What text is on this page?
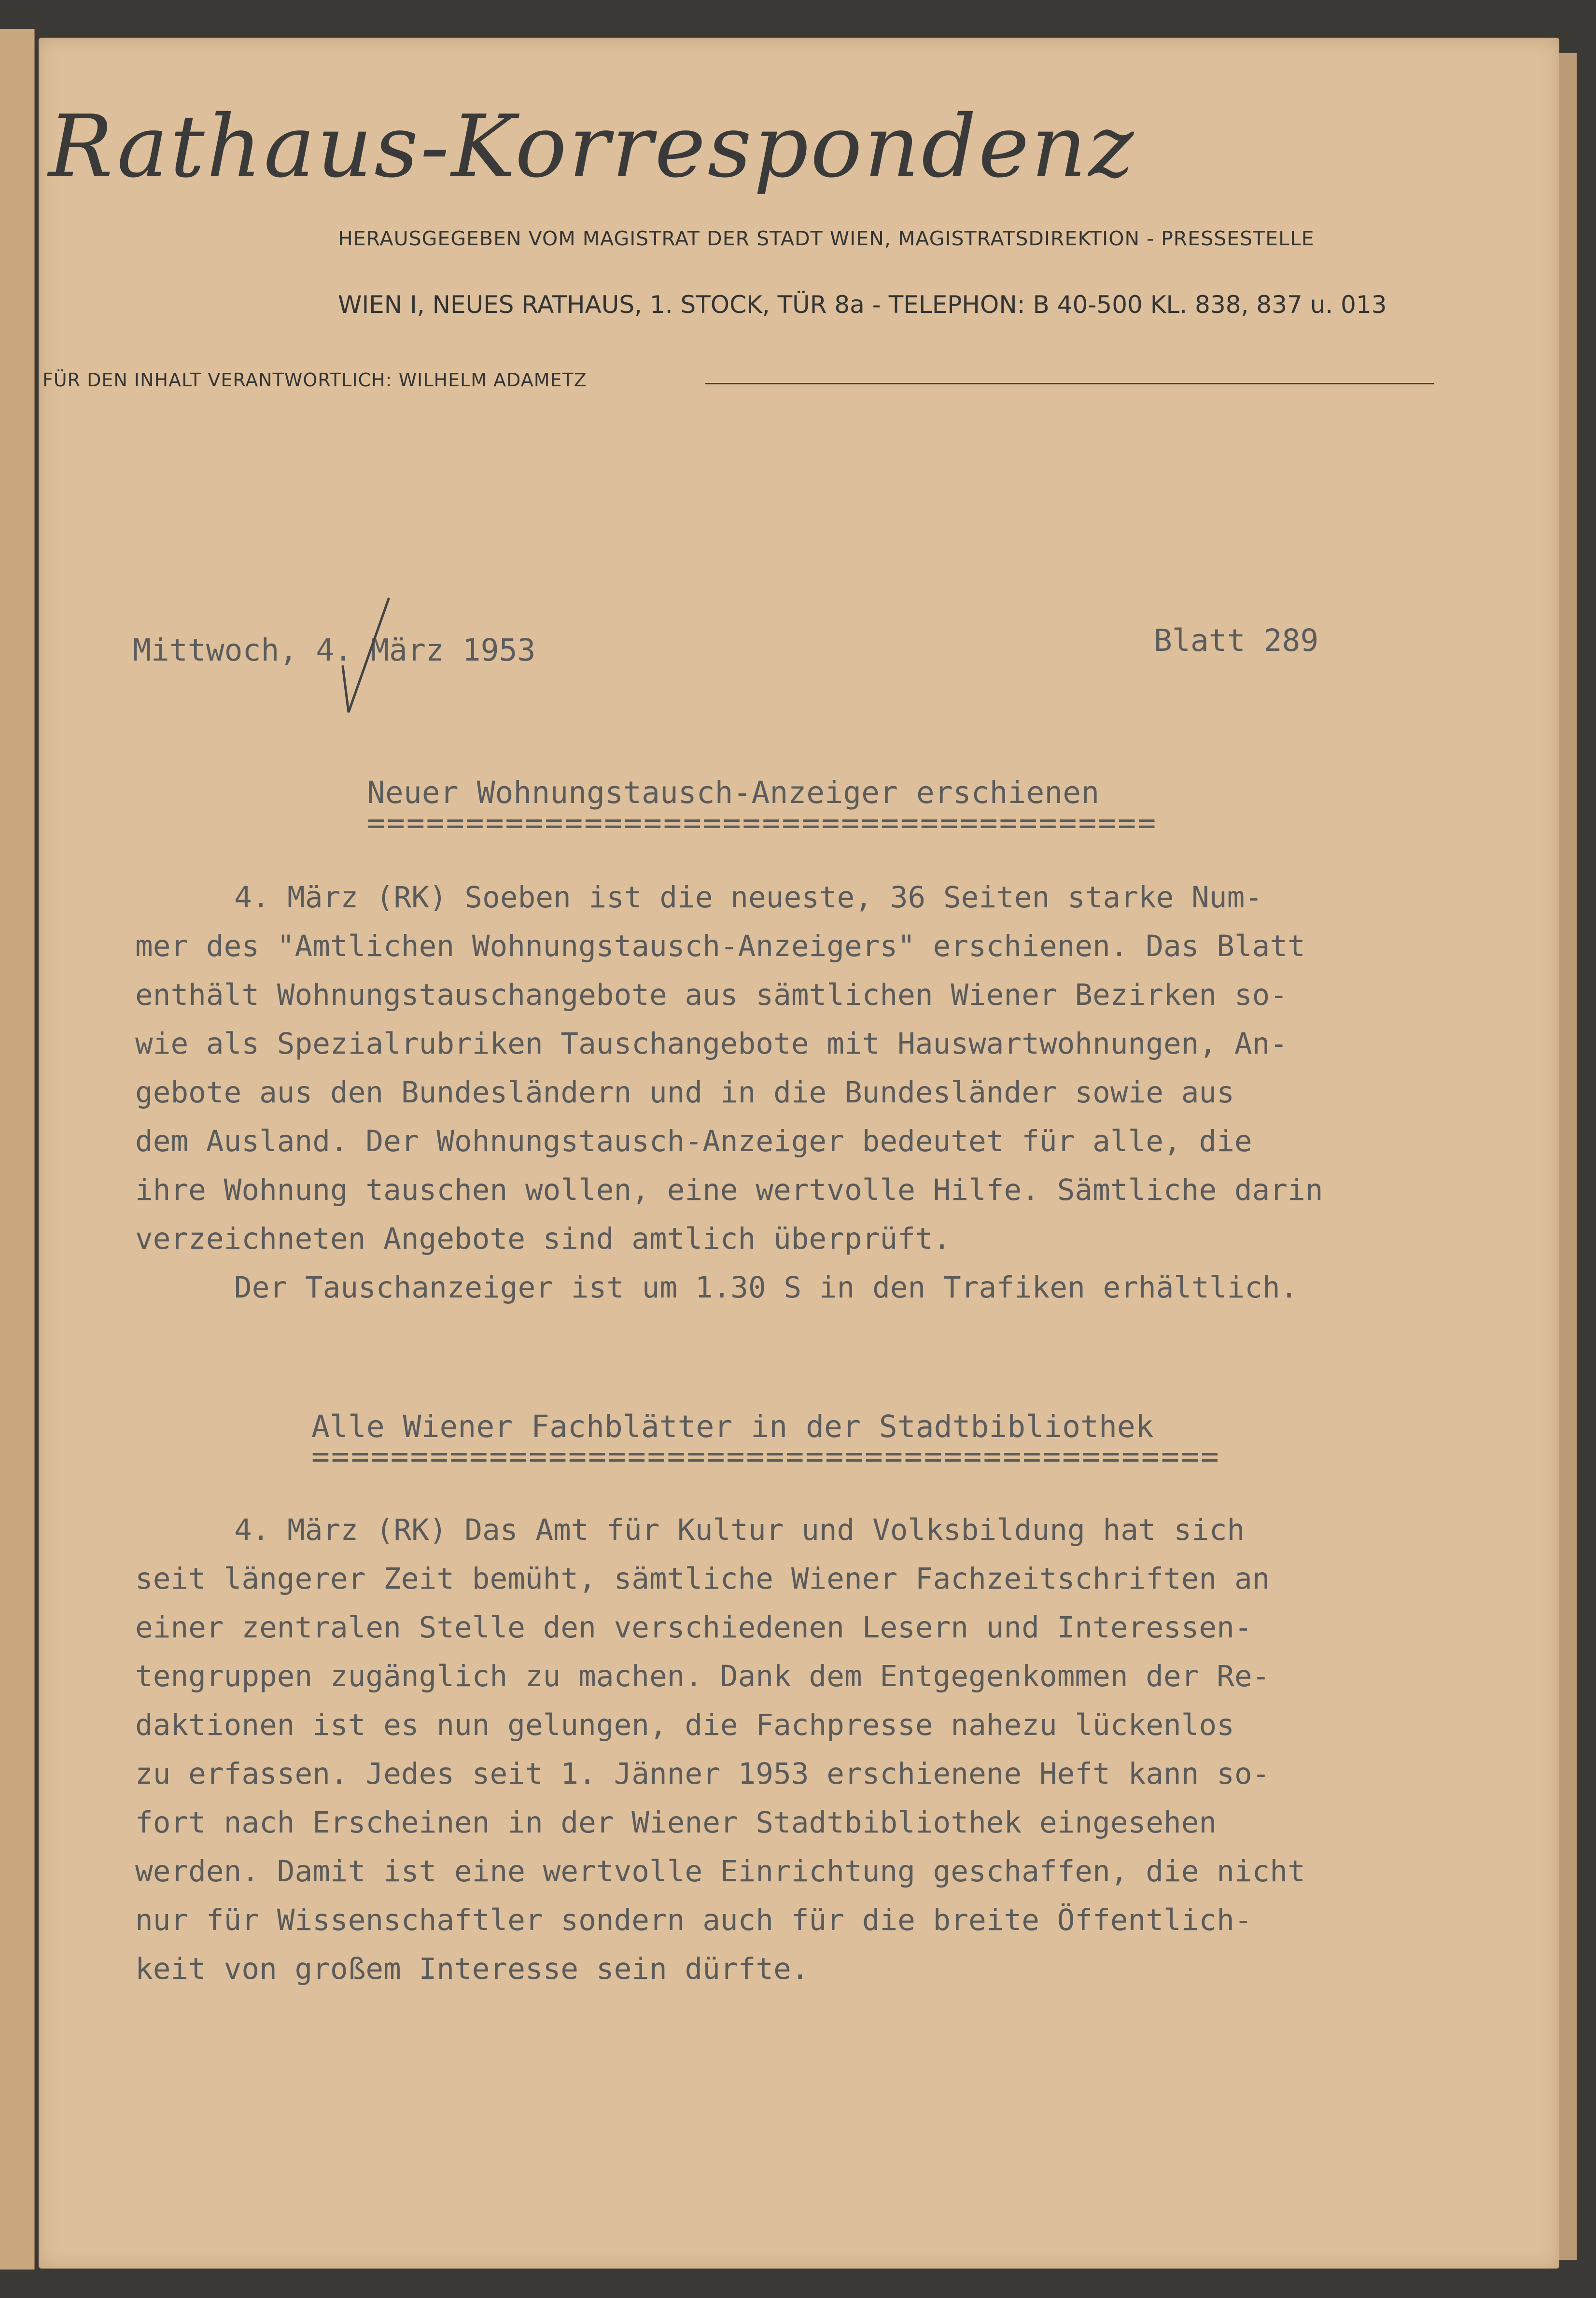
Rathaus-Korrespondenz
HERAUSGEGEBEN VOM MAGISTRAT DER STADT WIEN, MAGISTRATSDIREKTION - PRESSESTELLE
WIEN I, NEUES RATHAUS, 1. STOCK, TÜR 8a - TELEPHON: B 40-500 KL. 838, 837 u. 013
FÜR DEN INHALT VERANTWORTLICH: WILHELM ADAMETZ
Mittwoch, 4. März 1953	Blatt 289
Neuer Wohnungstausch-Anzeiger erschienen
========================================
4. März (RK) Soeben ist die neueste, 36 Seiten starke Num-
mer des "Amtlichen Wohnungstausch-Anzeigers" erschienen. Das Blatt
enthält Wohnungstauschangebote aus sämtlichen Wiener Bezirken so-
wie als Spezialrubriken Tauschangebote mit Hauswartwohnungen, An-
gebote aus den Bundesländern und in die Bundesländer sowie aus
dem Ausland. Der Wohnungstausch-Anzeiger bedeutet für alle, die
ihre Wohnung tauschen wollen, eine wertvolle Hilfe. Sämtliche darin
verzeichneten Angebote sind amtlich überprüft.
Der Tauschanzeiger ist um 1.30 S in den Trafiken erhältlich.
Alle Wiener Fachblätter in der Stadtbibliothek
==============================================
4. März (RK) Das Amt für Kultur und Volksbildung hat sich
seit längerer Zeit bemüht, sämtliche Wiener Fachzeitschriften an
einer zentralen Stelle den verschiedenen Lesern und Interessen-
tengruppen zugänglich zu machen. Dank dem Entgegenkommen der Re-
daktionen ist es nun gelungen, die Fachpresse nahezu lückenlos
zu erfassen. Jedes seit 1. Jänner 1953 erschienene Heft kann so-
fort nach Erscheinen in der Wiener Stadtbibliothek eingesehen
werden. Damit ist eine wertvolle Einrichtung geschaffen, die nicht
nur für Wissenschaftler sondern auch für die breite Öffentlich-
keit von großem Interesse sein dürfte.
